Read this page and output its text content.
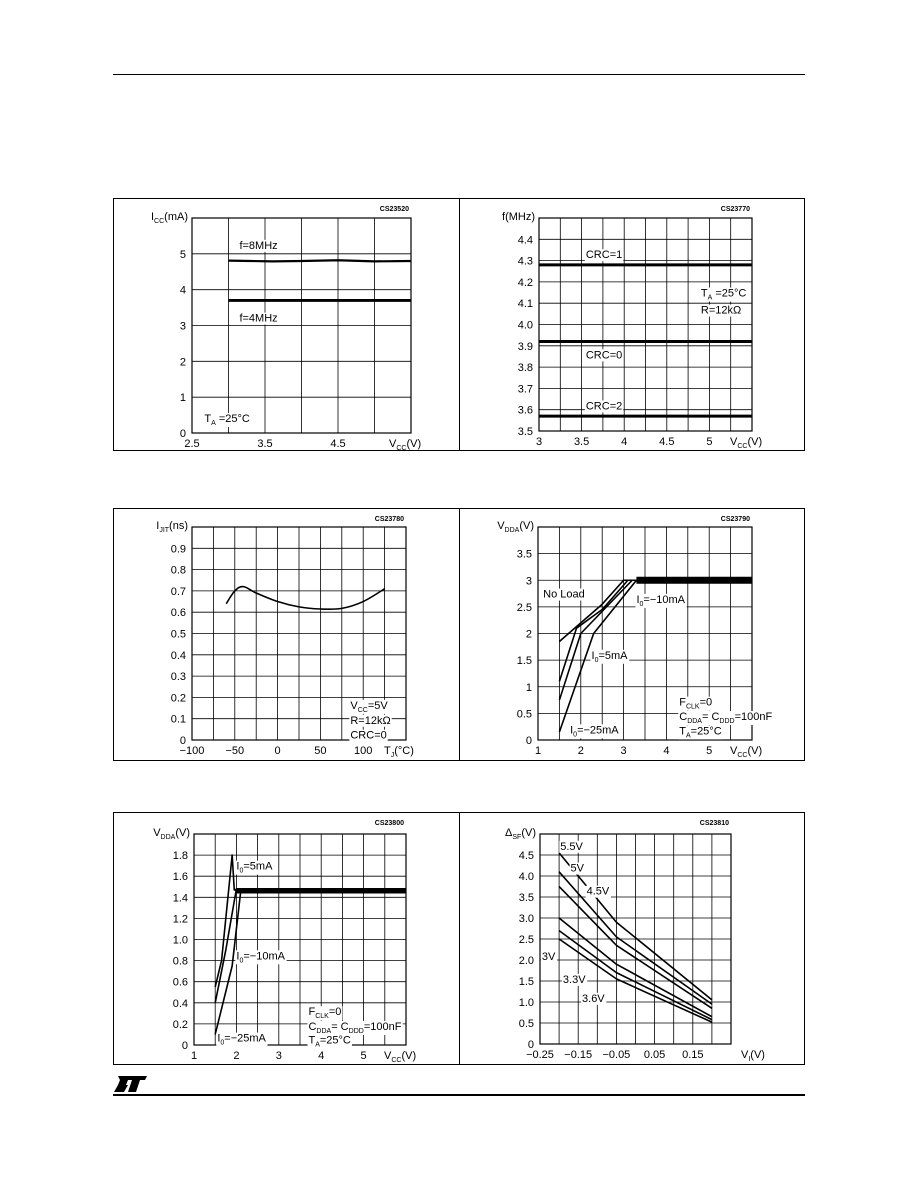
CS23520
$I_{CC}(mA)$
0
1
2
3
4
5
2.5	3.5	4.5	$V_{CC}(V)$
f=8MHz
f=4MHz
$T_A =25^\circ C$
CS23770
f(MHz)
3.5
3.6
3.7
3.8
3.9
4.0
4.1
4.2
4.3
4.4
3	3.5	4	4.5	5 $V_{CC}(V)$
CRC=1
CRC=0
CRC=2
$T_A =25^\circ C$
R=12kΩ
CS23780
$I_{JIT}(ns)$
0
0.1
0.2
0.3
0.4
0.5
0.6
0.7
0.8
0.9
−100 −50	0	50 100 $T_J(^\circ C)$
$V_{CC}=5V$
R=12kΩ
CRC=0
CS23790
$V_{DDA}(V)$
0
0.5
1
1.5
2
2.5
3
3.5
1	2	3	4	5 $V_{CC}(V)$
No Load	$I_0=-10mA$
$I_0=5mA$
$I_0=-25mA$
$F_{CLK}=0$
$C_{DDA}= C_{DDD}=100nF$
$T_A=25^\circ C$
CS23800
$V_{DDA}(V)$
0
0.2
0.4
0.6
0.8
1.0
1.2
1.4
1.6
1.8
1	2	3	4	5 $V_{CC}(V)$
$I_0=5mA$
$I_0=-10mA$
$I_0=-25mA$
$F_{CLK}=0$
$C_{DDA}= C_{DDD}=100nF$
$T_A=25^\circ C$
CS23810
$\Delta_{SF}(V)$
0
0.5
1.0
1.5
2.0
2.5
3.0
3.5
4.0
4.5
−0.25 −0.15 −0.05 0.05 0.15	$V_I(V)$
5.5V
5V
4.5V
3V
3.3V
3.6V
